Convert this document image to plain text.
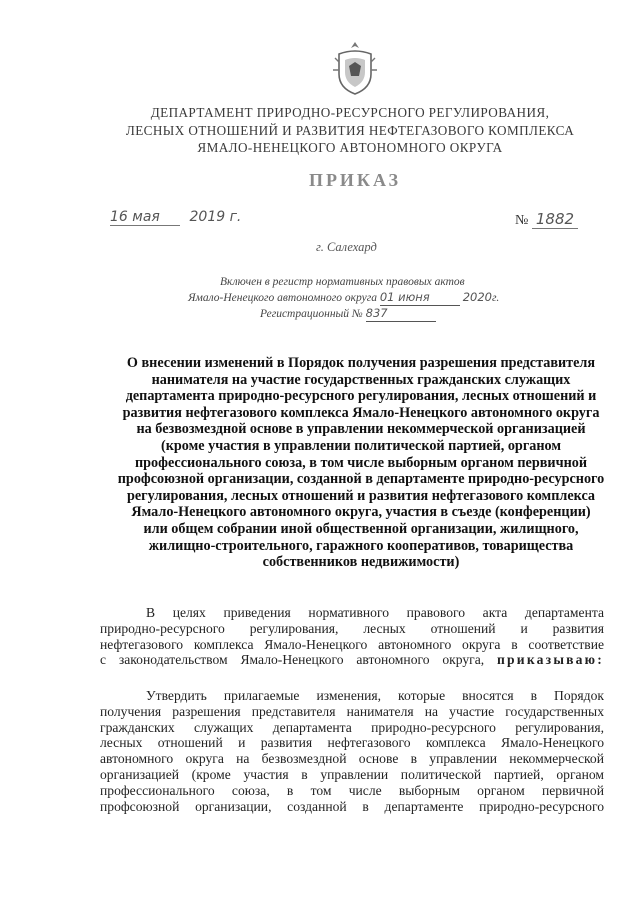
ДЕПАРТАМЕНТ ПРИРОДНО-РЕСУРСНОГО РЕГУЛИРОВАНИЯ,
ЛЕСНЫХ ОТНОШЕНИЙ И РАЗВИТИЯ НЕФТЕГАЗОВОГО КОМПЛЕКСА
ЯМАЛО-НЕНЕЦКОГО АВТОНОМНОГО ОКРУГА
ПРИКАЗ
16 мая 2019 г.	№ 1882
г. Салехард
Включен в регистр нормативных правовых актов
Ямало-Ненецкого автономного округа 01 июня	2020г.
Регистрационный № 837
О внесении изменений в Порядок получения разрешения представителя
нанимателя на участие государственных гражданских служащих
департамента природно-ресурсного регулирования, лесных отношений и
развития нефтегазового комплекса Ямало-Ненецкого автономного округа
на безвозмездной основе в управлении некоммерческой организацией
(кроме участия в управлении политической партией, органом
профессионального союза, в том числе выборным органом первичной
профсоюзной организации, созданной в департаменте природно-ресурсного
регулирования, лесных отношений и развития нефтегазового комплекса
Ямало-Ненецкого автономного округа, участия в съезде (конференции)
или общем собрании иной общественной организации, жилищного,
жилищно-строительного, гаражного кооперативов, товарищества
собственников недвижимости)
В целях приведения нормативного правового акта департамента
природно-ресурсного регулирования, лесных отношений и развития
нефтегазового комплекса Ямало-Ненецкого автономного округа в соответствие
с законодательством Ямало-Ненецкого автономного округа, приказываю:
Утвердить прилагаемые изменения, которые вносятся в Порядок
получения разрешения представителя нанимателя на участие государственных
гражданских служащих департамента природно-ресурсного регулирования,
лесных отношений и развития нефтегазового комплекса Ямало-Ненецкого
автономного округа на безвозмездной основе в управлении некоммерческой
организацией (кроме участия в управлении политической партией, органом
профессионального союза, в том числе выборным органом первичной
профсоюзной организации, созданной в департаменте природно-ресурсного
